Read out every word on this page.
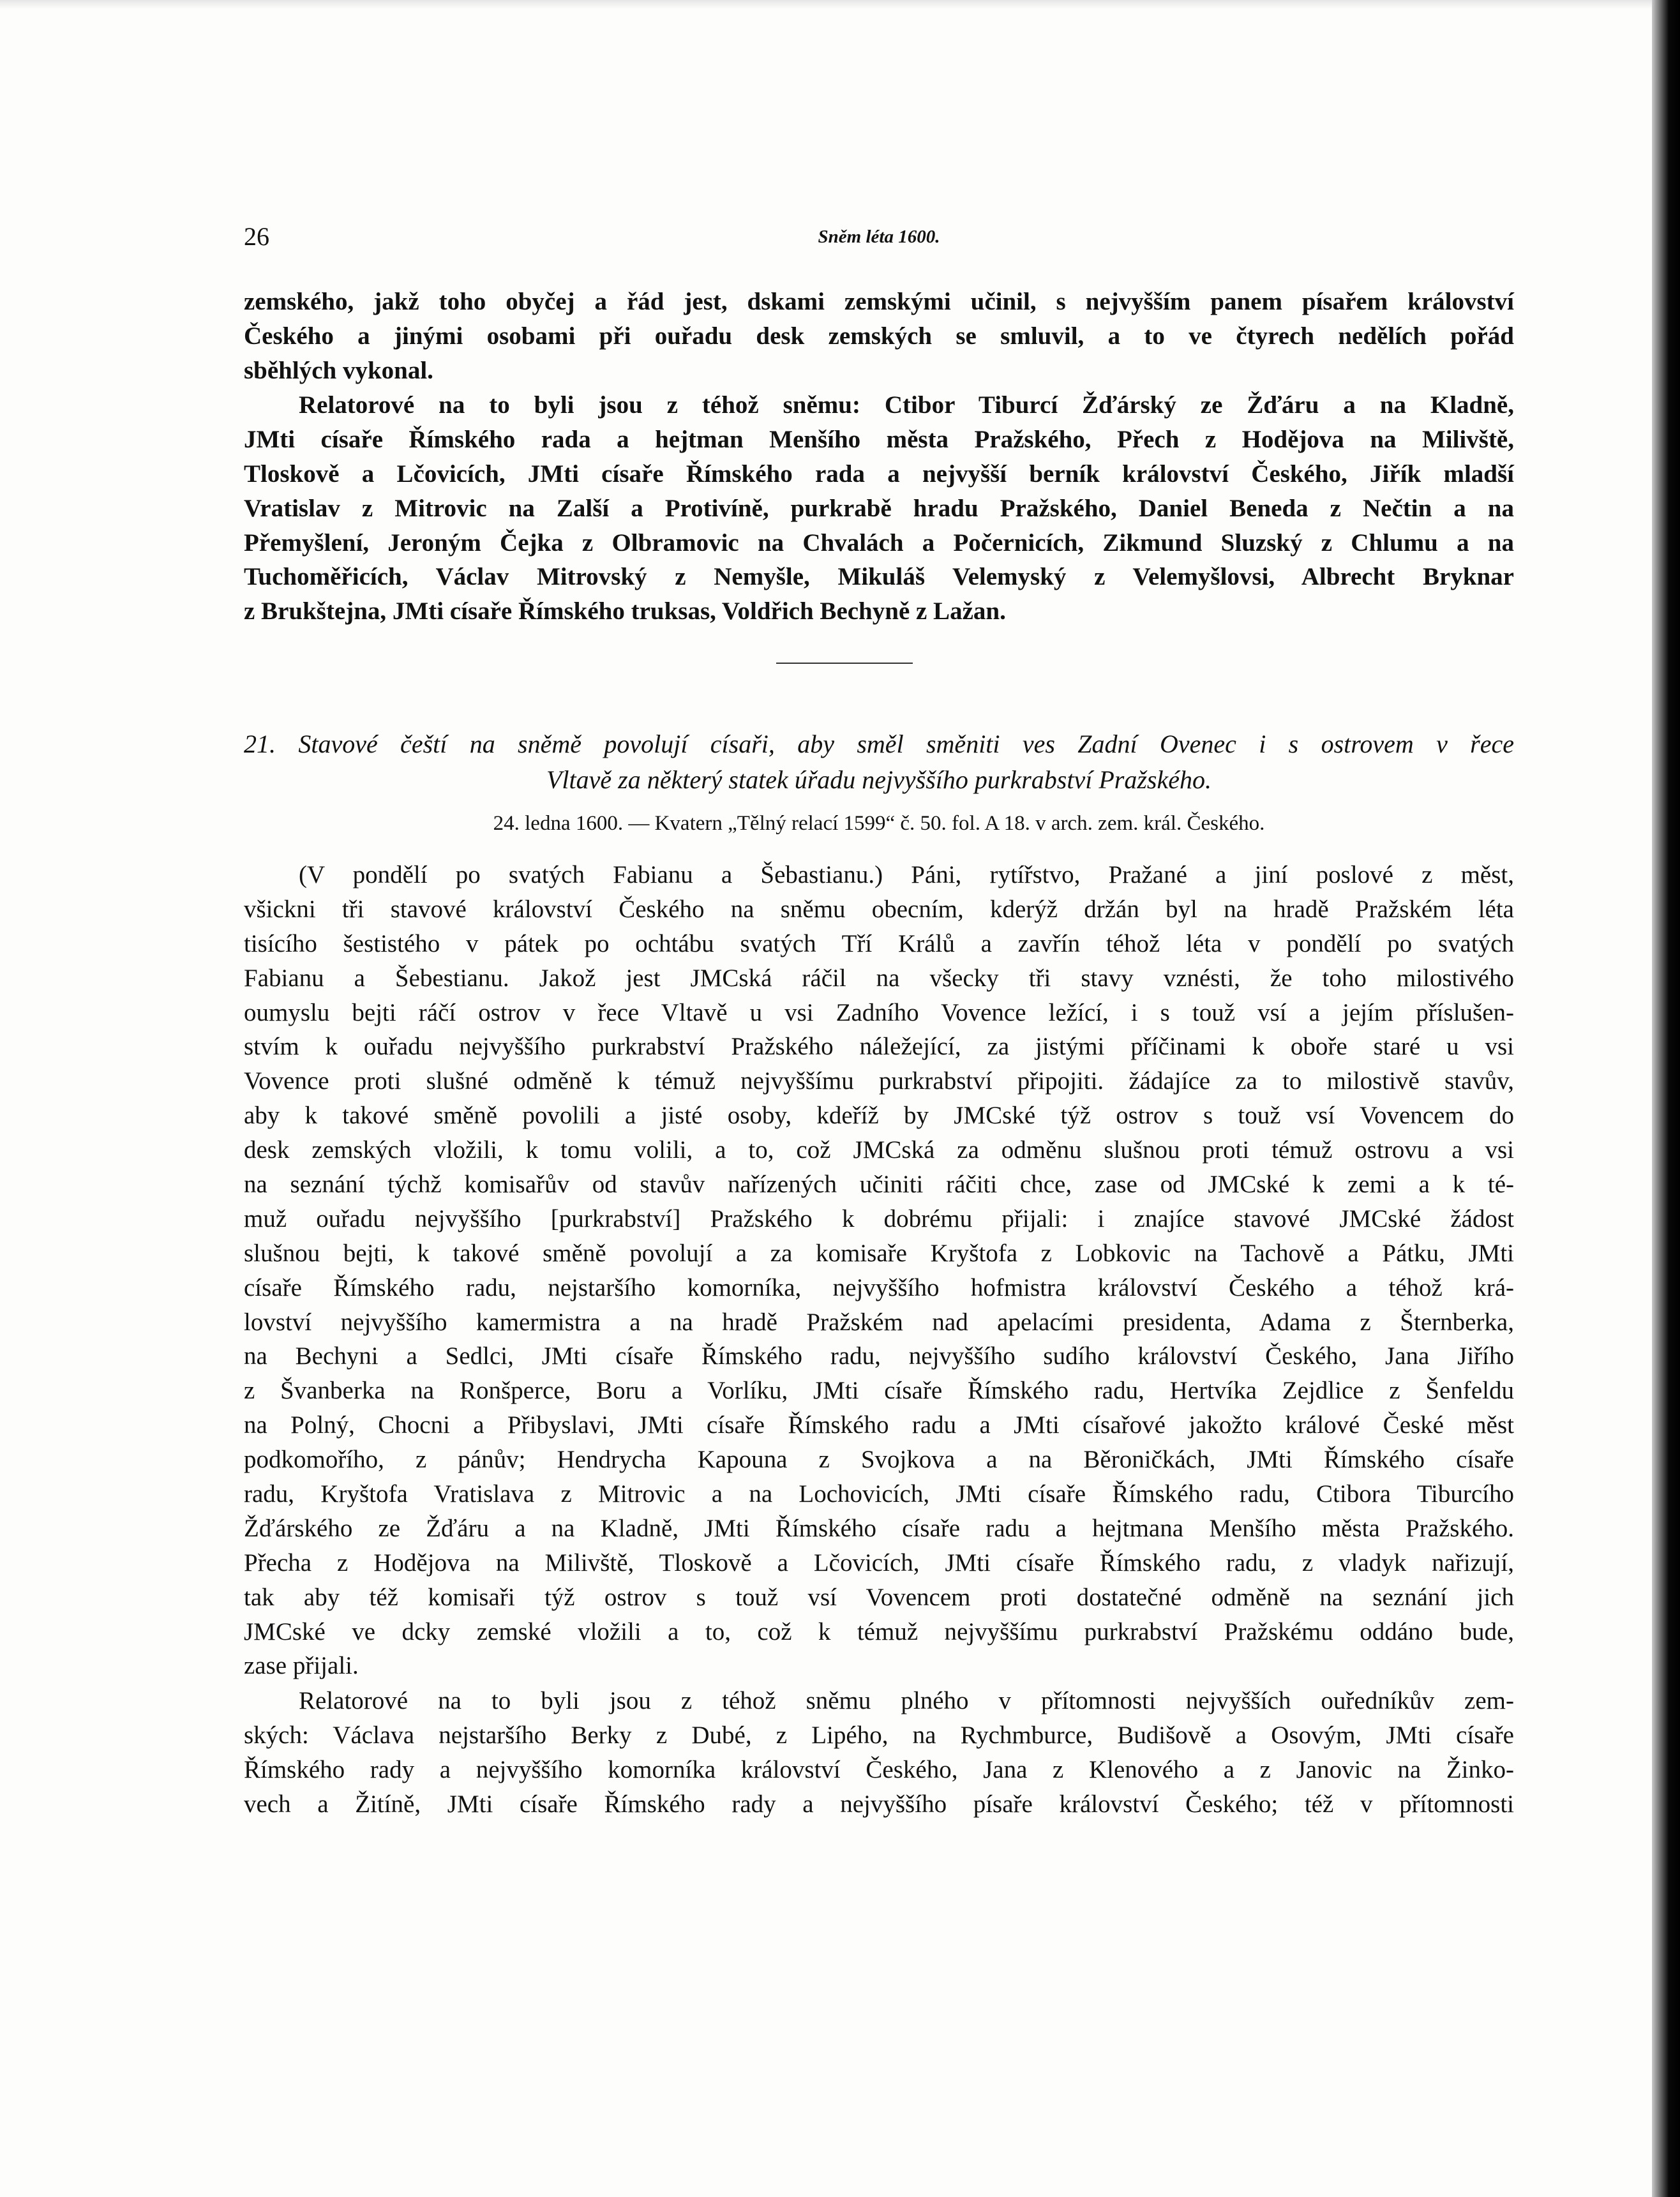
26	Sněm léta 1600.
zemského, jakž toho obyčej a řád jest, dskami zemskými učinil, s nejvyšším panem písařem království
Českého a jinými osobami při ouřadu desk zemských se smluvil, a to ve čtyrech nedělích pořád
sběhlých vykonal.
Relatorové na to byli jsou z téhož sněmu: Ctibor Tiburcí Žďárský ze Žďáru a na Kladně,
JMti císaře Římského rada a hejtman Menšího města Pražského, Přech z Hodějova na Milivště,
Tloskově a Lčovicích, JMti císaře Římského rada a nejvyšší berník království Českého, Jiřík mladší
Vratislav z Mitrovic na Zalší a Protivíně, purkrabě hradu Pražského, Daniel Beneda z Nečtin a na
Přemyšlení, Jeroným Čejka z Olbramovic na Chvalách a Počernicích, Zikmund Sluzský z Chlumu a na
Tuchoměřicích, Václav Mitrovský z Nemyšle, Mikuláš Velemyský z Velemyšlovsi, Albrecht Bryknar
z Brukštejna, JMti císaře Římského truksas, Voldřich Bechyně z Lažan.
21. Stavové čeští na sněmě povolují císaři, aby směl směniti ves Zadní Ovenec i s ostrovem v řece
Vltavě za některý statek úřadu nejvyššího purkrabství Pražského.
24. ledna 1600. — Kvatern „Tělný relací 1599“ č. 50. fol. A 18. v arch. zem. král. Českého.
(V pondělí po svatých Fabianu a Šebastianu.) Páni, rytířstvo, Pražané a jiní poslové z měst,
všickni tři stavové království Českého na sněmu obecním, kderýž držán byl na hradě Pražském léta
tisícího šestistého v pátek po ochtábu svatých Tří Králů a zavřín téhož léta v pondělí po svatých
Fabianu a Šebestianu. Jakož jest JMCská ráčil na všecky tři stavy vznésti, že toho milostivého
oumyslu bejti ráčí ostrov v řece Vltavě u vsi Zadního Vovence ležící, i s touž vsí a jejím příslušen-
stvím k ouřadu nejvyššího purkrabství Pražského náležející, za jistými příčinami k oboře staré u vsi
Vovence proti slušné odměně k témuž nejvyššímu purkrabství připojiti. žádajíce za to milostivě stavův,
aby k takové směně povolili a jisté osoby, kdeříž by JMCské týž ostrov s touž vsí Vovencem do
desk zemských vložili, k tomu volili, a to, což JMCská za odměnu slušnou proti témuž ostrovu a vsi
na seznání týchž komisařův od stavův nařízených učiniti ráčiti chce, zase od JMCské k zemi a k té-
muž ouřadu nejvyššího [purkrabství] Pražského k dobrému přijali: i znajíce stavové JMCské žádost
slušnou bejti, k takové směně povolují a za komisaře Kryštofa z Lobkovic na Tachově a Pátku, JMti
císaře Římského radu, nejstaršího komorníka, nejvyššího hofmistra království Českého a téhož krá-
lovství nejvyššího kamermistra a na hradě Pražském nad apelacími presidenta, Adama z Šternberka,
na Bechyni a Sedlci, JMti císaře Římského radu, nejvyššího sudího království Českého, Jana Jiřího
z Švanberka na Ronšperce, Boru a Vorlíku, JMti císaře Římského radu, Hertvíka Zejdlice z Šenfeldu
na Polný, Chocni a Přibyslavi, JMti císaře Římského radu a JMti císařové jakožto králové České měst
podkomořího, z pánův; Hendrycha Kapouna z Svojkova a na Běroničkách, JMti Římského císaře
radu, Kryštofa Vratislava z Mitrovic a na Lochovicích, JMti císaře Římského radu, Ctibora Tiburcího
Žďárského ze Žďáru a na Kladně, JMti Římského císaře radu a hejtmana Menšího města Pražského.
Přecha z Hodějova na Milivště, Tloskově a Lčovicích, JMti císaře Římského radu, z vladyk nařizují,
tak aby též komisaři týž ostrov s touž vsí Vovencem proti dostatečné odměně na seznání jich
JMCské ve dcky zemské vložili a to, což k témuž nejvyššímu purkrabství Pražskému oddáno bude,
zase přijali.
Relatorové na to byli jsou z téhož sněmu plného v přítomnosti nejvyšších ouředníkův zem-
ských: Václava nejstaršího Berky z Dubé, z Lipého, na Rychmburce, Budišově a Osovým, JMti císaře
Římského rady a nejvyššího komorníka království Českého, Jana z Klenového a z Janovic na Žinko-
vech a Žitíně, JMti císaře Římského rady a nejvyššího písaře království Českého; též v přítomnosti
